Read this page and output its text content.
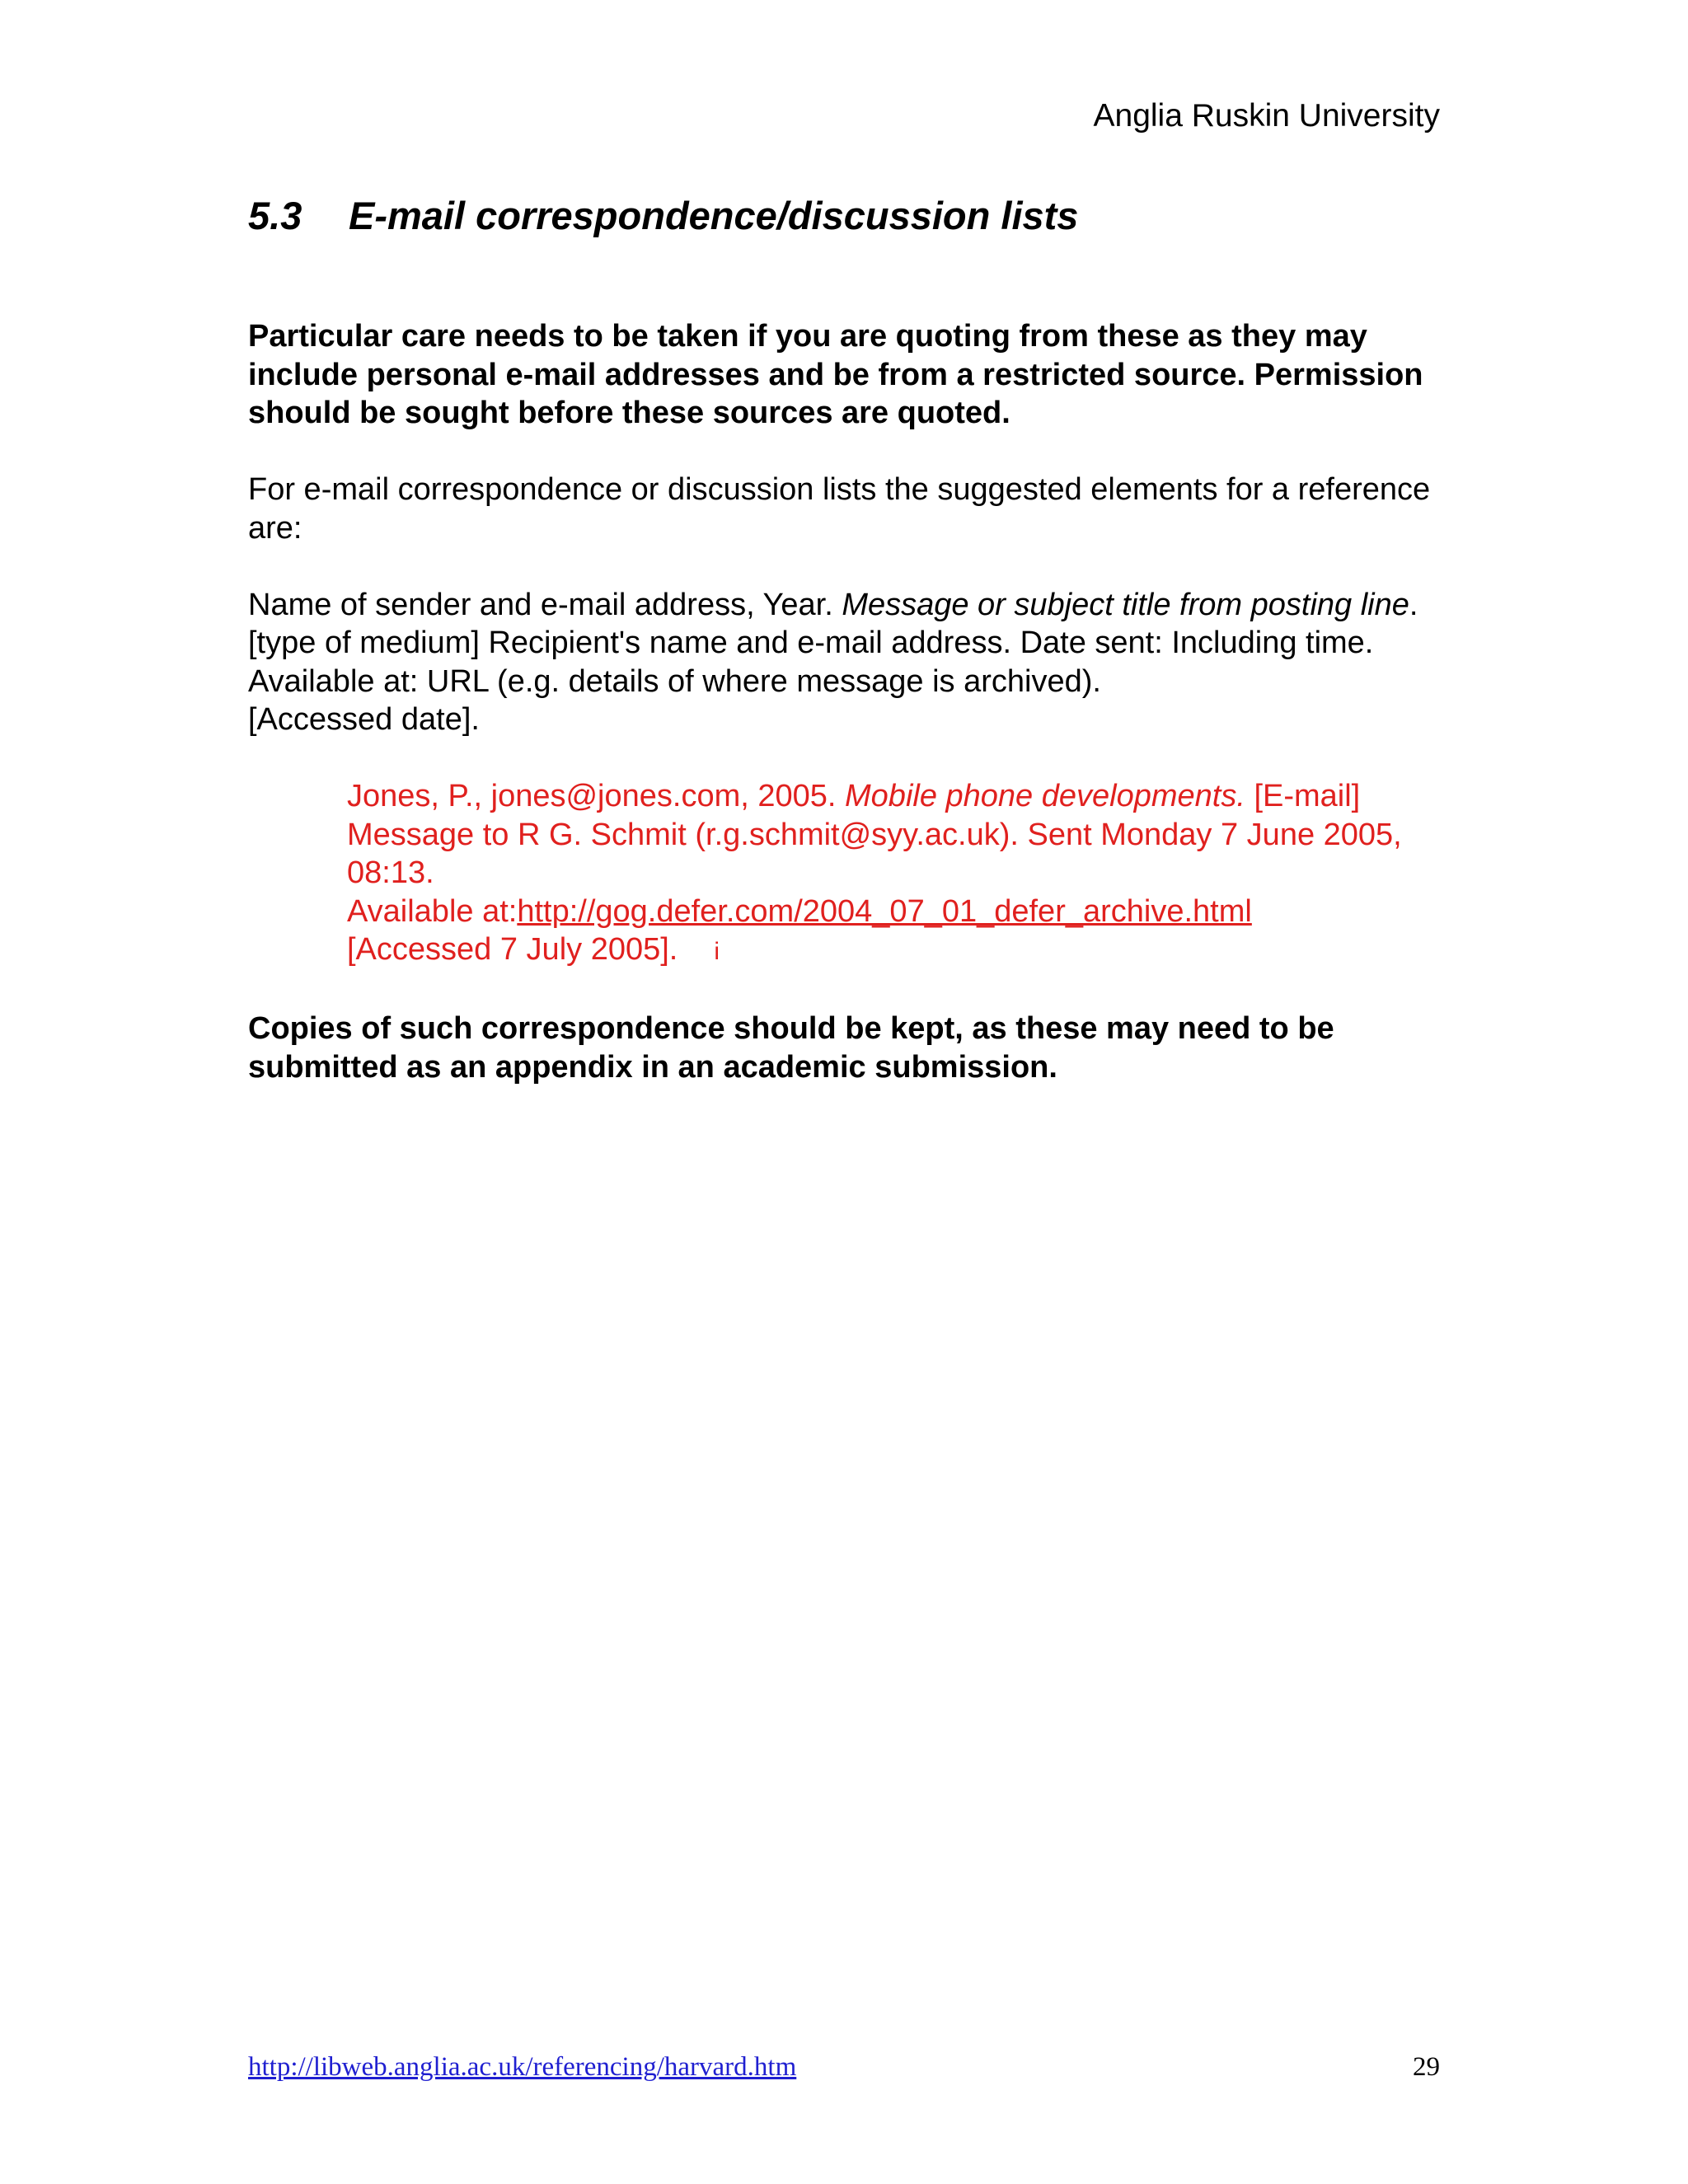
Anglia Ruskin University
5.3 E-mail correspondence/discussion lists

Particular care needs to be taken if you are quoting from these as they may include personal e-mail addresses and be from a restricted source. Permission should be sought before these sources are quoted.

For e-mail correspondence or discussion lists the suggested elements for a reference are:

Name of sender and e-mail address, Year. Message or subject title from posting line. [type of medium] Recipient's name and e-mail address. Date sent: Including time.

Available at: URL (e.g. details of where message is archived).

[Accessed date].

Jones, P., jones@jones.com, 2005. Mobile phone developments. [E-mail] Message to R G. Schmit (r.g.schmit@syy.ac.uk). Sent Monday 7 June 2005, 08:13.

Available at:http://gog.defer.com/2004_07_01_defer_archive.html

[Accessed 7 July 2005]. i

Copies of such correspondence should be kept, as these may need to be submitted as an appendix in an academic submission.

http://libweb.anglia.ac.uk/referencing/harvard.htm	29
